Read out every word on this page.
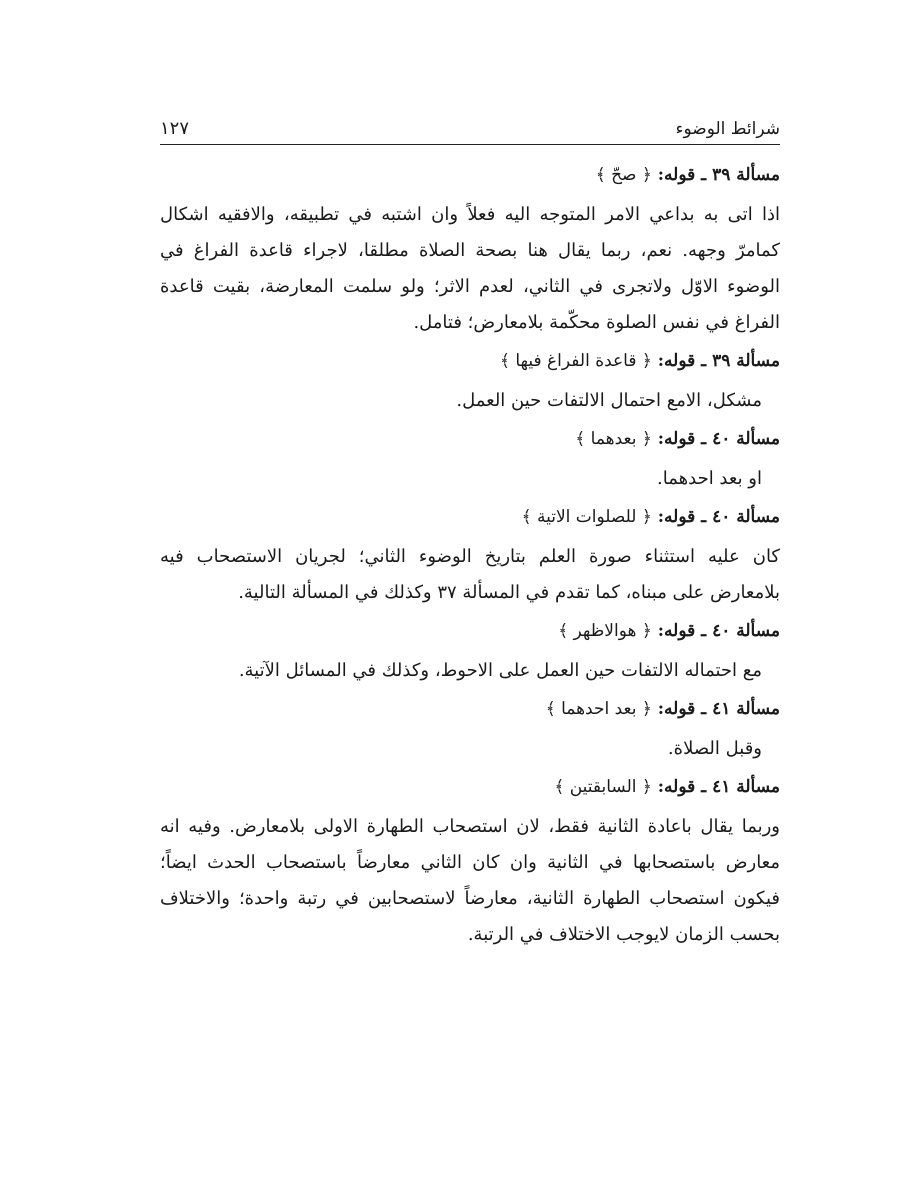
شرائط الوضوء
١٢٧

مسألة ٣٩ ـ قوله: ﴿ صحّ ﴾

اذا اتى به بداعي الامر المتوجه اليه فعلاً وان اشتبه في تطبيقه، والافقيه اشكال كمامرّ وجهه. نعم، ربما يقال هنا بصحة الصلاة مطلقا، لاجراء قاعدة الفراغ في الوضوء الاوّل ولاتجرى في الثاني، لعدم الاثر؛ ولو سلمت المعارضة، بقيت قاعدة الفراغ في نفس الصلوة محكّمة بلامعارض؛ فتامل.

مسألة ٣٩ ـ قوله: ﴿ قاعدة الفراغ فيها ﴾

مشكل، الامع احتمال الالتفات حين العمل.

مسألة ٤٠ ـ قوله: ﴿ بعدهما ﴾

او بعد احدهما.

مسألة ٤٠ ـ قوله: ﴿ للصلوات الاتية ﴾

كان عليه استثناء صورة العلم بتاريخ الوضوء الثاني؛ لجريان الاستصحاب فيه بلامعارض على مبناه، كما تقدم في المسألة ٣٧ وكذلك في المسألة التالية.

مسألة ٤٠ ـ قوله: ﴿ هوالاظهر ﴾

مع احتماله الالتفات حين العمل على الاحوط، وكذلك في المسائل الآتية.

مسألة ٤١ ـ قوله: ﴿ بعد احدهما ﴾

وقبل الصلاة.

مسألة ٤١ ـ قوله: ﴿ السابقتين ﴾

وربما يقال باعادة الثانية فقط، لان استصحاب الطهارة الاولى بلامعارض. وفيه انه معارض باستصحابها في الثانية وان كان الثاني معارضاً باستصحاب الحدث ايضاً؛ فيكون استصحاب الطهارة الثانية، معارضاً لاستصحابين في رتبة واحدة؛ والاختلاف بحسب الزمان لايوجب الاختلاف في الرتبة.
